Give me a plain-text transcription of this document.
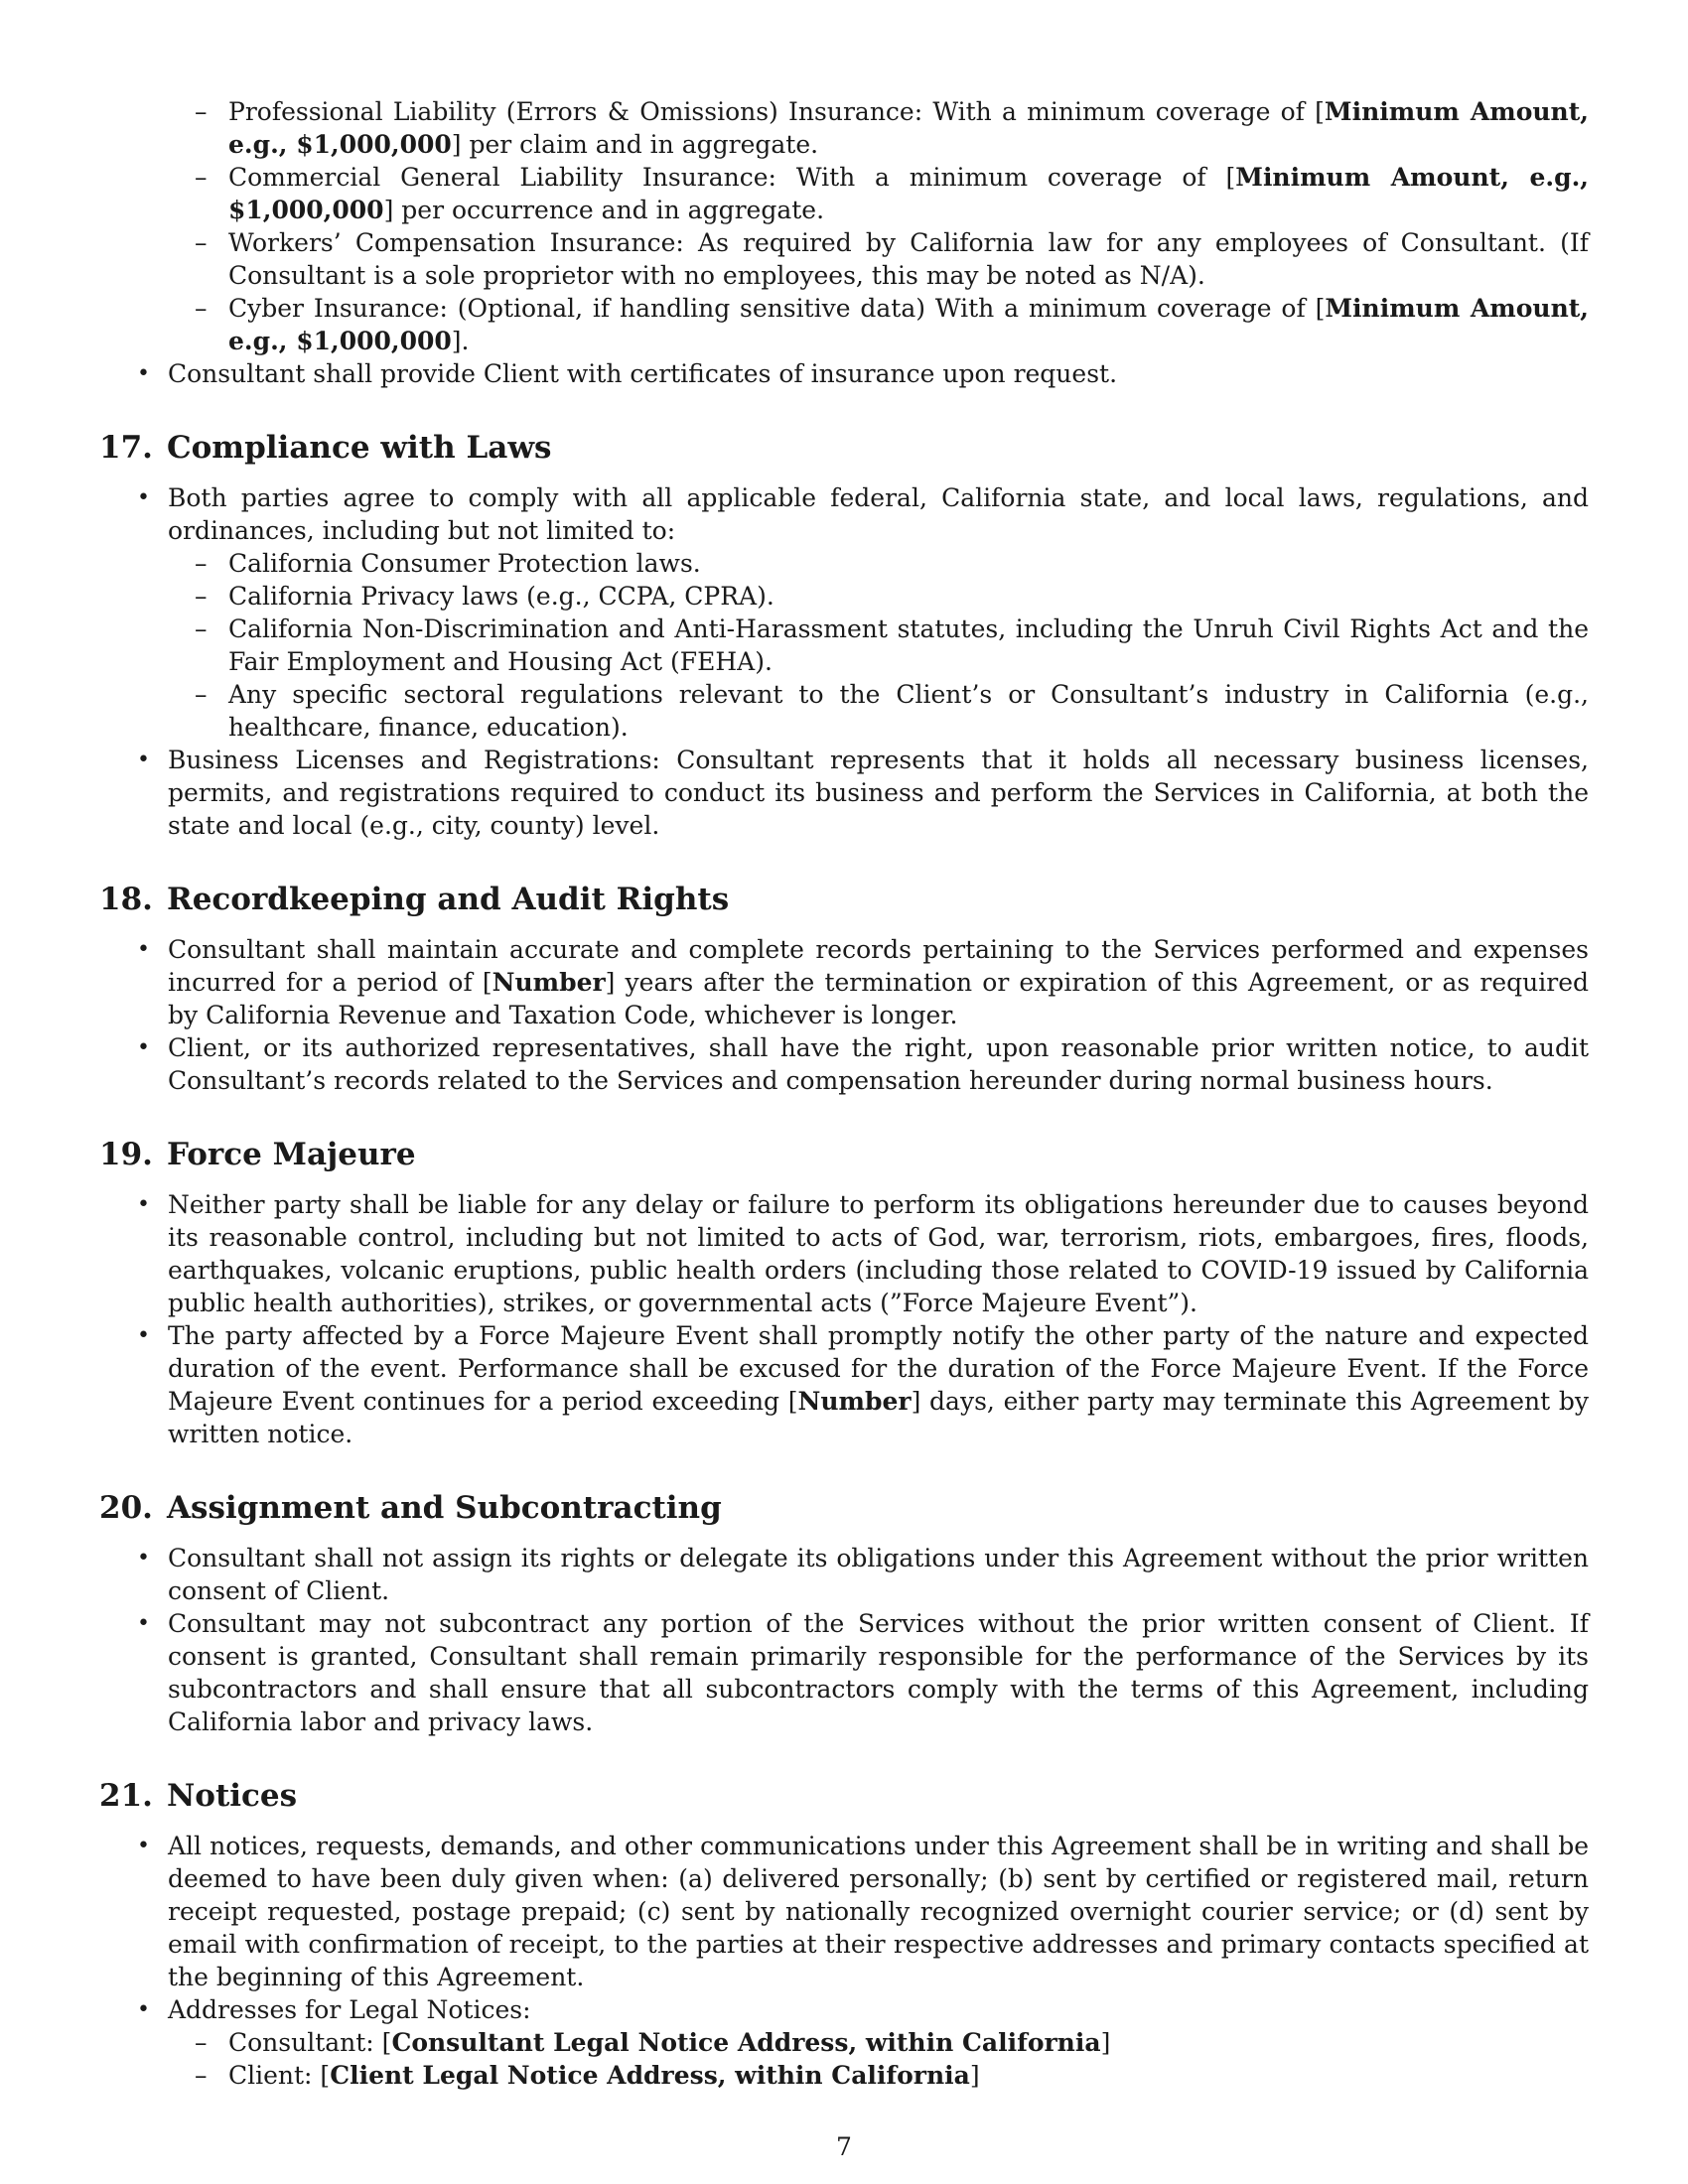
– Professional Liability (Errors & Omissions) Insurance: With a minimum coverage of [Minimum Amount, e.g., $1,000,000] per claim and in aggregate.
– Commercial General Liability Insurance: With a minimum coverage of [Minimum Amount, e.g., $1,000,000] per occurrence and in aggregate.
– Workers’ Compensation Insurance: As required by California law for any employees of Consultant. (If Consultant is a sole proprietor with no employees, this may be noted as N/A).
– Cyber Insurance: (Optional, if handling sensitive data) With a minimum coverage of [Minimum Amount, e.g., $1,000,000].
• Consultant shall provide Client with certificates of insurance upon request.
17. Compliance with Laws
• Both parties agree to comply with all applicable federal, California state, and local laws, regulations, and ordinances, including but not limited to:
– California Consumer Protection laws.
– California Privacy laws (e.g., CCPA, CPRA).
– California Non-Discrimination and Anti-Harassment statutes, including the Unruh Civil Rights Act and the Fair Employment and Housing Act (FEHA).
– Any specific sectoral regulations relevant to the Client’s or Consultant’s industry in California (e.g., healthcare, finance, education).
• Business Licenses and Registrations: Consultant represents that it holds all necessary business licenses, permits, and registrations required to conduct its business and perform the Services in California, at both the state and local (e.g., city, county) level.
18. Recordkeeping and Audit Rights
• Consultant shall maintain accurate and complete records pertaining to the Services performed and expenses incurred for a period of [Number] years after the termination or expiration of this Agreement, or as required by California Revenue and Taxation Code, whichever is longer.
• Client, or its authorized representatives, shall have the right, upon reasonable prior written notice, to audit Consultant’s records related to the Services and compensation hereunder during normal business hours.
19. Force Majeure
• Neither party shall be liable for any delay or failure to perform its obligations hereunder due to causes beyond its reasonable control, including but not limited to acts of God, war, terrorism, riots, embargoes, fires, floods, earthquakes, volcanic eruptions, public health orders (including those related to COVID-19 issued by California public health authorities), strikes, or governmental acts (”Force Majeure Event”).
• The party affected by a Force Majeure Event shall promptly notify the other party of the nature and expected duration of the event. Performance shall be excused for the duration of the Force Majeure Event. If the Force Majeure Event continues for a period exceeding [Number] days, either party may terminate this Agreement by written notice.
20. Assignment and Subcontracting
• Consultant shall not assign its rights or delegate its obligations under this Agreement without the prior written consent of Client.
• Consultant may not subcontract any portion of the Services without the prior written consent of Client. If consent is granted, Consultant shall remain primarily responsible for the performance of the Services by its subcontractors and shall ensure that all subcontractors comply with the terms of this Agreement, including California labor and privacy laws.
21. Notices
• All notices, requests, demands, and other communications under this Agreement shall be in writing and shall be deemed to have been duly given when: (a) delivered personally; (b) sent by certified or registered mail, return receipt requested, postage prepaid; (c) sent by nationally recognized overnight courier service; or (d) sent by email with confirmation of receipt, to the parties at their respective addresses and primary contacts specified at the beginning of this Agreement.
• Addresses for Legal Notices:
– Consultant: [Consultant Legal Notice Address, within California]
– Client: [Client Legal Notice Address, within California]
7
